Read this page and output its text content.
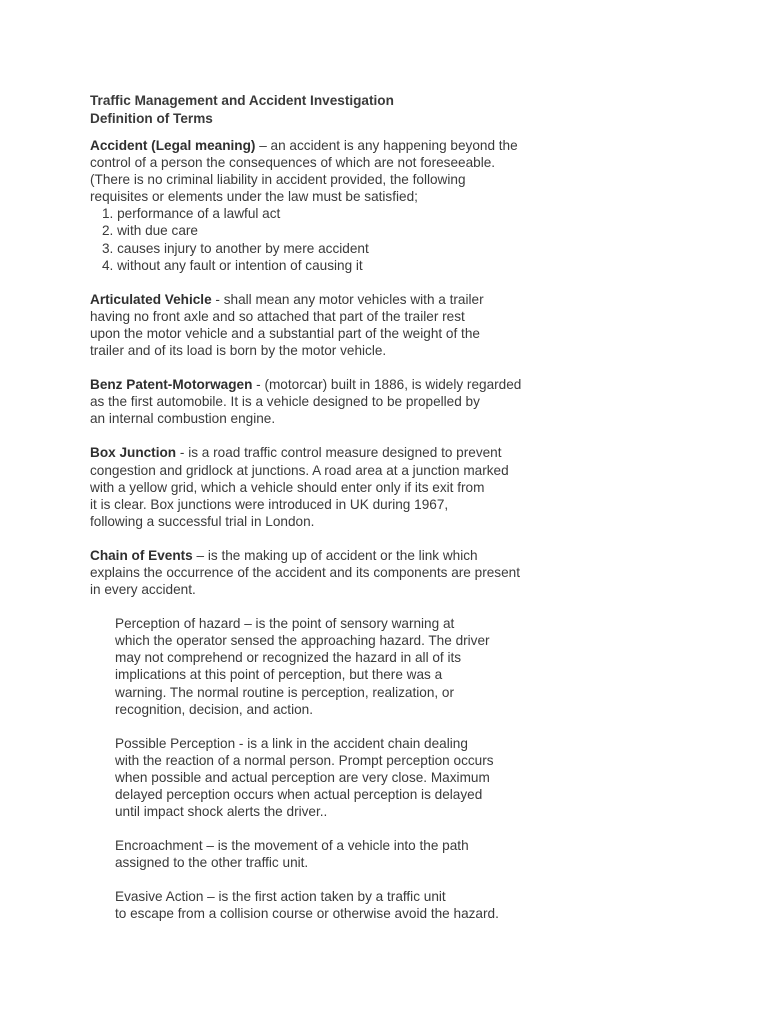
Traffic Management and Accident Investigation
Definition of Terms
Accident (Legal meaning) – an accident is any happening beyond the
control of a person the consequences of which are not foreseeable.
(There is no criminal liability in accident provided, the following
requisites or elements under the law must be satisfied;
1. performance of a lawful act
2. with due care
3. causes injury to another by mere accident
4. without any fault or intention of causing it
Articulated Vehicle - shall mean any motor vehicles with a trailer
having no front axle and so attached that part of the trailer rest
upon the motor vehicle and a substantial part of the weight of the
trailer and of its load is born by the motor vehicle.
Benz Patent-Motorwagen - (motorcar) built in 1886, is widely regarded
as the first automobile. It is a vehicle designed to be propelled by
an internal combustion engine.
Box Junction - is a road traffic control measure designed to prevent
congestion and gridlock at junctions. A road area at a junction marked
with a yellow grid, which a vehicle should enter only if its exit from
it is clear. Box junctions were introduced in UK during 1967,
following a successful trial in London.
Chain of Events – is the making up of accident or the link which
explains the occurrence of the accident and its components are present
in every accident.
Perception of hazard – is the point of sensory warning at
which the operator sensed the approaching hazard. The driver
may not comprehend or recognized the hazard in all of its
implications at this point of perception, but there was a
warning. The normal routine is perception, realization, or
recognition, decision, and action.
Possible Perception - is a link in the accident chain dealing
with the reaction of a normal person. Prompt perception occurs
when possible and actual perception are very close. Maximum
delayed perception occurs when actual perception is delayed
until impact shock alerts the driver..
Encroachment – is the movement of a vehicle into the path
assigned to the other traffic unit.
Evasive Action – is the first action taken by a traffic unit
to escape from a collision course or otherwise avoid the hazard.
